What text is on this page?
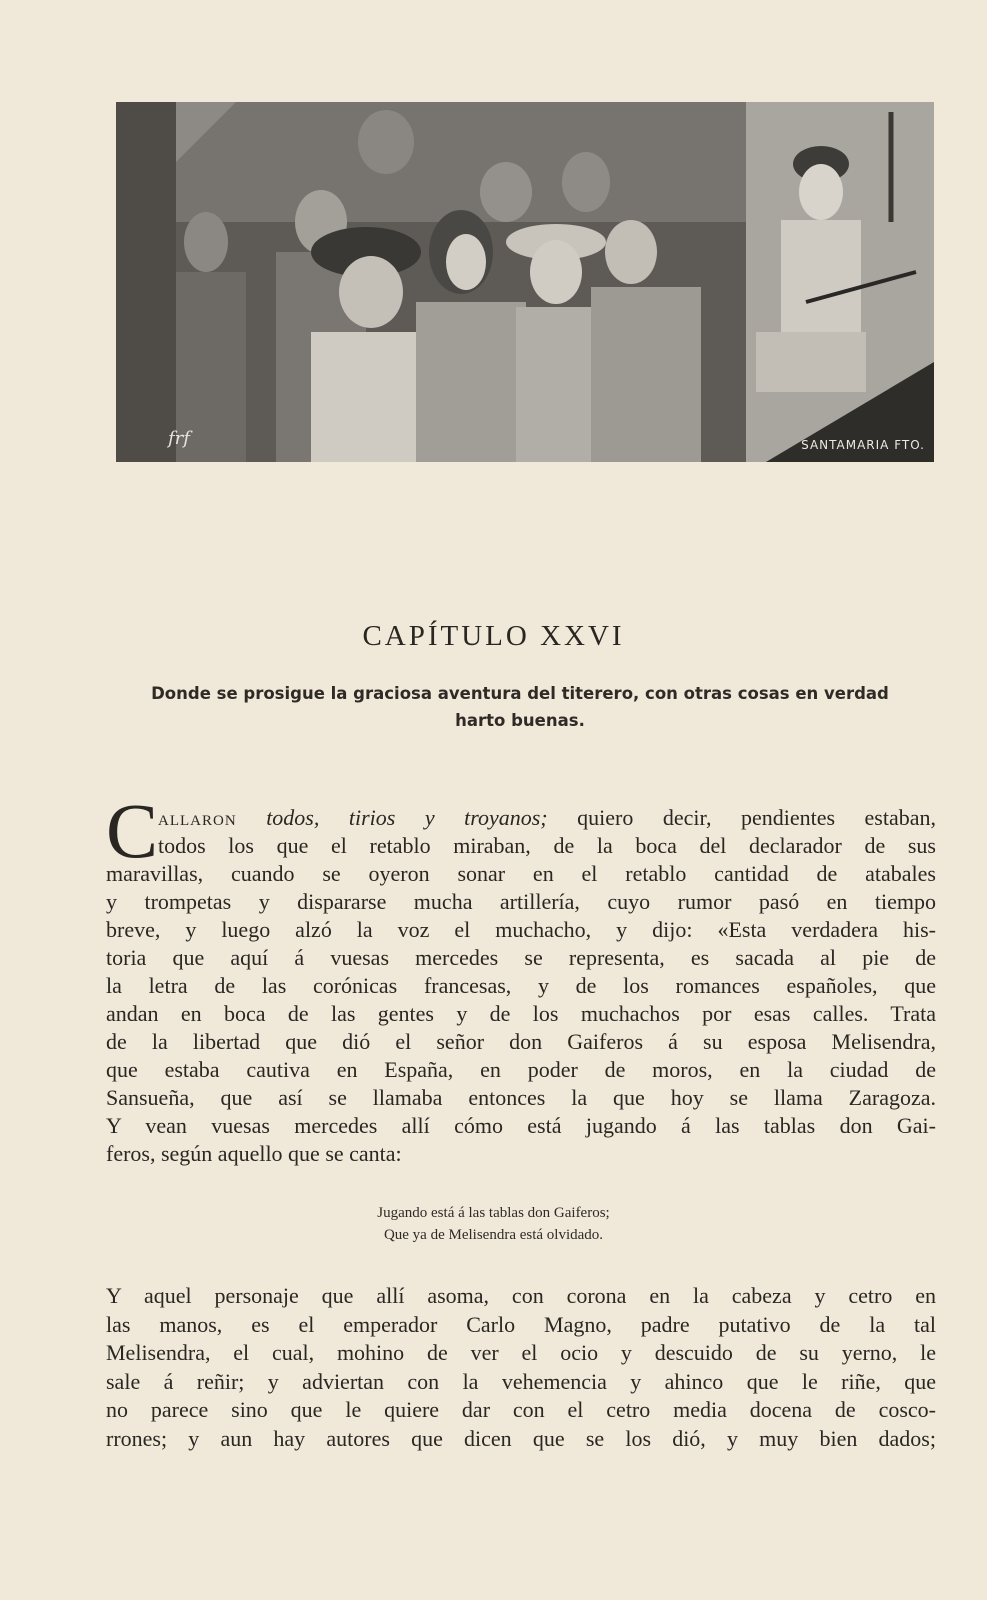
frf	SANTAMARIA FTO.
CAPÍTULO XXVI
Donde se prosigue la graciosa aventura del titerero, con otras cosas en verdad
harto buenas.
C allaron todos, tirios y troyanos; quiero decir, pendientes estaban,
todos los que el retablo miraban, de la boca del declarador de sus
maravillas, cuando se oyeron sonar en el retablo cantidad de atabales
y trompetas y dispararse mucha artillería, cuyo rumor pasó en tiempo
breve, y luego alzó la voz el muchacho, y dijo: «Esta verdadera his-
toria que aquí á vuesas mercedes se representa, es sacada al pie de
la letra de las corónicas francesas, y de los romances españoles, que
andan en boca de las gentes y de los muchachos por esas calles. Trata
de la libertad que dió el señor don Gaiferos á su esposa Melisendra,
que estaba cautiva en España, en poder de moros, en la ciudad de
Sansueña, que así se llamaba entonces la que hoy se llama Zaragoza.
Y vean vuesas mercedes allí cómo está jugando á las tablas don Gai-
feros, según aquello que se canta:
Jugando está á las tablas don Gaiferos;
Que ya de Melisendra está olvidado.
Y aquel personaje que allí asoma, con corona en la cabeza y cetro en
las manos, es el emperador Carlo Magno, padre putativo de la tal
Melisendra, el cual, mohino de ver el ocio y descuido de su yerno, le
sale á reñir; y adviertan con la vehemencia y ahinco que le riñe, que
no parece sino que le quiere dar con el cetro media docena de cosco-
rrones; y aun hay autores que dicen que se los dió, y muy bien dados;
